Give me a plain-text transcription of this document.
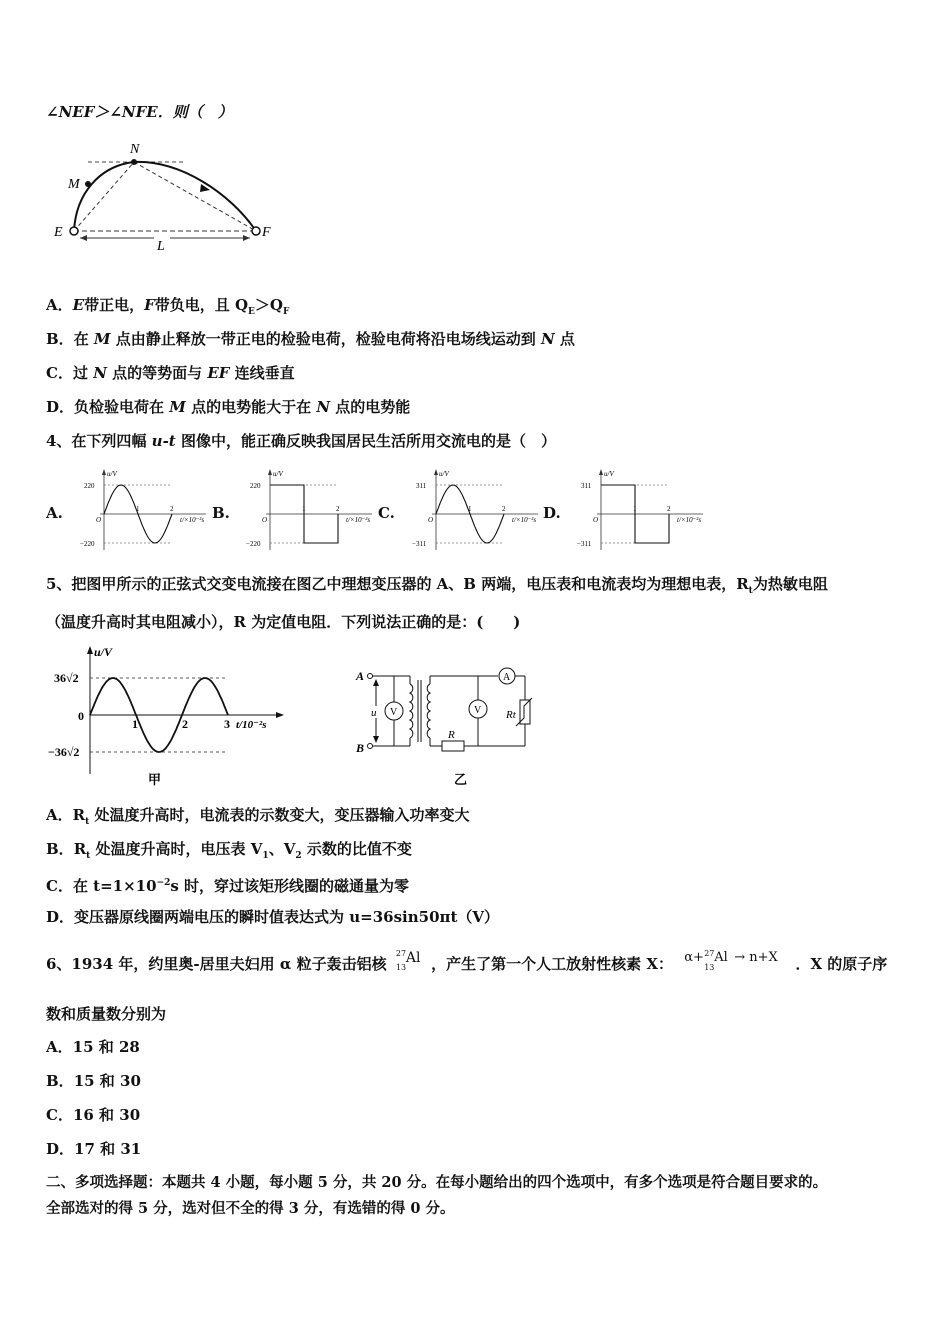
∠NEF＞∠NFE．则（　）
N
M
E	F
L
A．E带正电，F带负电，且 $Q_E>Q_F$
B．在 M 点由静止释放一带正电的检验电荷，检验电荷将沿电场线运动到 N 点
C．过 N 点的等势面与 EF 连线垂直
D．负检验电荷在 M 点的电势能大于在 N 点的电势能
4、在下列四幅 u-t 图像中，能正确反映我国居民生活所用交流电的是（　）
A.
u/V
220
−220
O
1	2
t/×10⁻²s B.
u/V
220
−220
O
1	2
t/×10⁻²s C.
u/V
311
−311
O
1	2
t/×10⁻²s D.
u/V
311
−311
O
1	2
t/×10⁻²s
5、把图甲所示的正弦式交变电流接在图乙中理想变压器的 A、B 两端，电压表和电流表均为理想电表，$R_t$为热敏电阻
（温度升高时其电阻减小），R 为定值电阻．下列说法正确的是：(　　)
u/V
36√2
−36√2
0
1	2	3 t/10⁻²s
甲
A
B
u V
A
Rt
R
V
乙
A．$R_t$ 处温度升高时，电流表的示数变大，变压器输入功率变大
B．$R_t$ 处温度升高时，电压表 $V_1$、$V_2$ 示数的比值不变
C．在 $t=1\times 10^{-2}s$ 时，穿过该矩形线圈的磁通量为零
D．变压器原线圈两端电压的瞬时值表达式为 u=36sin50πt（V）
6、1934 年，约里奥-居里夫妇用 α 粒子轰击铝核
27
13
Al ，产生了第一个人工放射性核素 X： α+ 27
13
Al → n+X ．X 的原子序
数和质量数分别为
A．15 和 28
B．15 和 30
C．16 和 30
D．17 和 31
二、多项选择题：本题共 4 小题，每小题 5 分，共 20 分。在每小题给出的四个选项中，有多个选项是符合题目要求的。
全部选对的得 5 分，选对但不全的得 3 分，有选错的得 0 分。
